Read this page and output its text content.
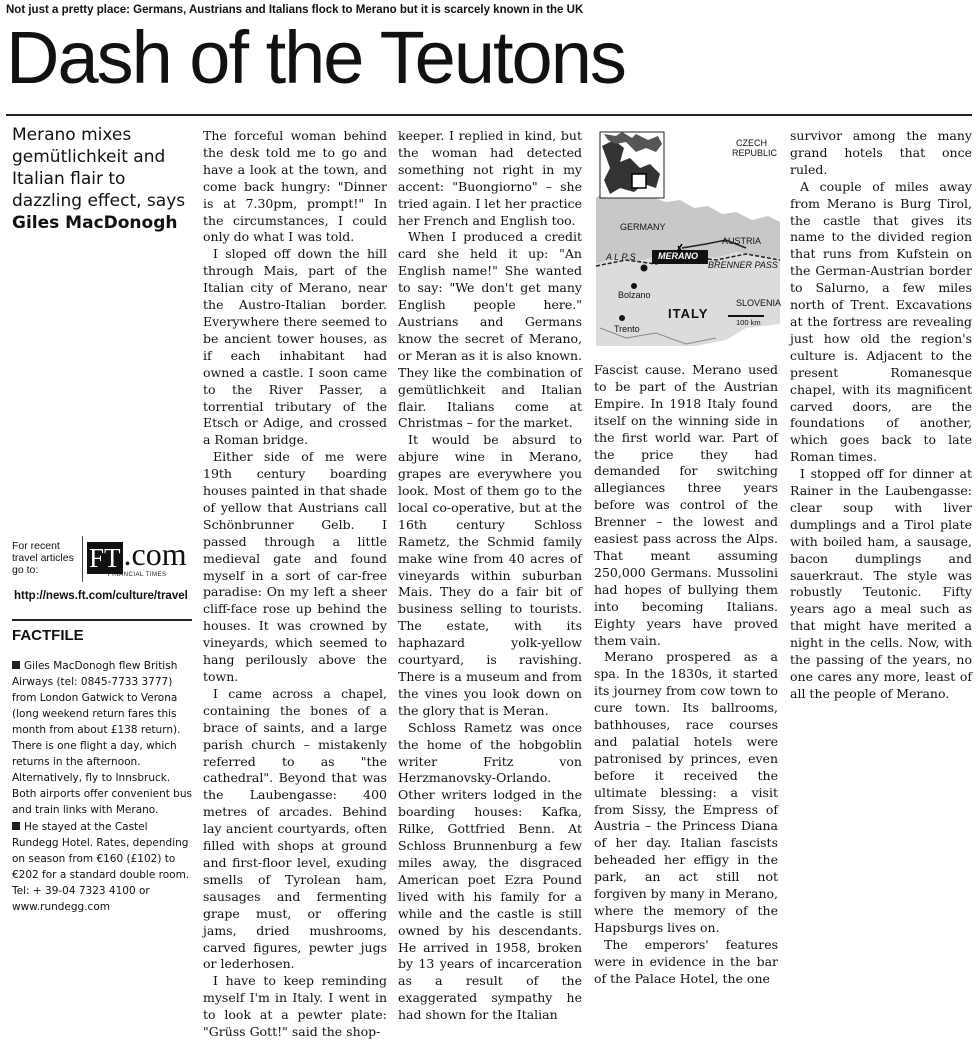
Not just a pretty place: Germans, Austrians and Italians flock to Merano but it is scarcely known in the UK
Dash of the Teutons
Merano mixes gemütlichkeit and Italian flair to dazzling effect, says
Giles MacDonogh
For recent travel articles go to:	FT.com
FINANCIAL TIMES
http://news.ft.com/culture/travel
FACTFILE
Giles MacDonogh flew British Airways (tel: 0845-7733 3777) from London Gatwick to Verona (long weekend return fares this month from about £138 return). There is one flight a day, which returns in the afternoon. Alternatively, fly to Innsbruck. Both airports offer convenient bus and train links with Merano.
He stayed at the Castel Rundegg Hotel. Rates, depending on season from €160 (£102) to €202 for a standard double room. Tel: + 39-04 7323 4100 or www.rundegg.com

The forceful woman behind the desk told me to go and have a look at the town, and come back hungry: "Dinner is at 7.30pm, prompt!" In the circumstances, I could only do what I was told.

I sloped off down the hill through Mais, part of the Italian city of Merano, near the Austro-Italian border. Everywhere there seemed to be ancient tower houses, as if each inhabitant had owned a castle. I soon came to the River Passer, a torrential tributary of the Etsch or Adige, and crossed a Roman bridge.

Either side of me were 19th century boarding houses painted in that shade of yellow that Austrians call Schönbrunner Gelb. I passed through a little medieval gate and found myself in a sort of car-free paradise: On my left a sheer cliff-face rose up behind the houses. It was crowned by vineyards, which seemed to hang perilously above the town.

I came across a chapel, containing the bones of a brace of saints, and a large parish church – mistakenly referred to as "the cathedral". Beyond that was the Laubengasse: 400 metres of arcades. Behind lay ancient courtyards, often filled with shops at ground and first-floor level, exuding smells of Tyrolean ham, sausages and fermenting grape must, or offering jams, dried mushrooms, carved figures, pewter jugs or lederhosen.

I have to keep reminding myself I'm in Italy. I went in to look at a pewter plate: "Grüss Gott!" said the shop-

keeper. I replied in kind, but the woman had detected something not right in my accent: "Buongiorno" – she tried again. I let her practice her French and English too.

When I produced a credit card she held it up: "An English name!" She wanted to say: "We don't get many English people here." Austrians and Germans know the secret of Merano, or Meran as it is also known. They like the combination of gemütlichkeit and Italian flair. Italians come at Christmas – for the market.

It would be absurd to abjure wine in Merano, grapes are everywhere you look. Most of them go to the local co-operative, but at the 16th century Schloss Rametz, the Schmid family make wine from 40 acres of vineyards within suburban Mais. They do a fair bit of business selling to tourists. The estate, with its haphazard yolk-yellow courtyard, is ravishing. There is a museum and from the vines you look down on the glory that is Meran.

Schloss Rametz was once the home of the hobgoblin writer Fritz von Herzmanovsky-Orlando. Other writers lodged in the boarding houses: Kafka, Rilke, Gottfried Benn. At Schloss Brunnenburg a few miles away, the disgraced American poet Ezra Pound lived with his family for a while and the castle is still owned by his descendants. He arrived in 1958, broken by 13 years of incarceration as a result of the exaggerated sympathy he had shown for the Italian

CZECH
REPUBLIC
GERMANY
AUSTRIA
A L P S
BRENNER PASS
MERANO
Bolzano
ITALY
SLOVENIA
Trento
100 km

Fascist cause. Merano used to be part of the Austrian Empire. In 1918 Italy found itself on the winning side in the first world war. Part of the price they had demanded for switching allegiances three years before was control of the Brenner – the lowest and easiest pass across the Alps. That meant assuming 250,000 Germans. Mussolini had hopes of bullying them into becoming Italians. Eighty years have proved them vain.

Merano prospered as a spa. In the 1830s, it started its journey from cow town to cure town. Its ballrooms, bathhouses, race courses and palatial hotels were patronised by princes, even before it received the ultimate blessing: a visit from Sissy, the Empress of Austria – the Princess Diana of her day. Italian fascists beheaded her effigy in the park, an act still not forgiven by many in Merano, where the memory of the Hapsburgs lives on.

The emperors' features were in evidence in the bar of the Palace Hotel, the one

survivor among the many grand hotels that once ruled.

A couple of miles away from Merano is Burg Tirol, the castle that gives its name to the divided region that runs from Kufstein on the German-Austrian border to Salurno, a few miles north of Trent. Excavations at the fortress are revealing just how old the region's culture is. Adjacent to the present Romanesque chapel, with its magnificent carved doors, are the foundations of another, which goes back to late Roman times.

I stopped off for dinner at Rainer in the Laubengasse: clear soup with liver dumplings and a Tirol plate with boiled ham, a sausage, bacon dumplings and sauerkraut. The style was robustly Teutonic. Fifty years ago a meal such as that might have merited a night in the cells. Now, with the passing of the years, no one cares any more, least of all the people of Merano.
